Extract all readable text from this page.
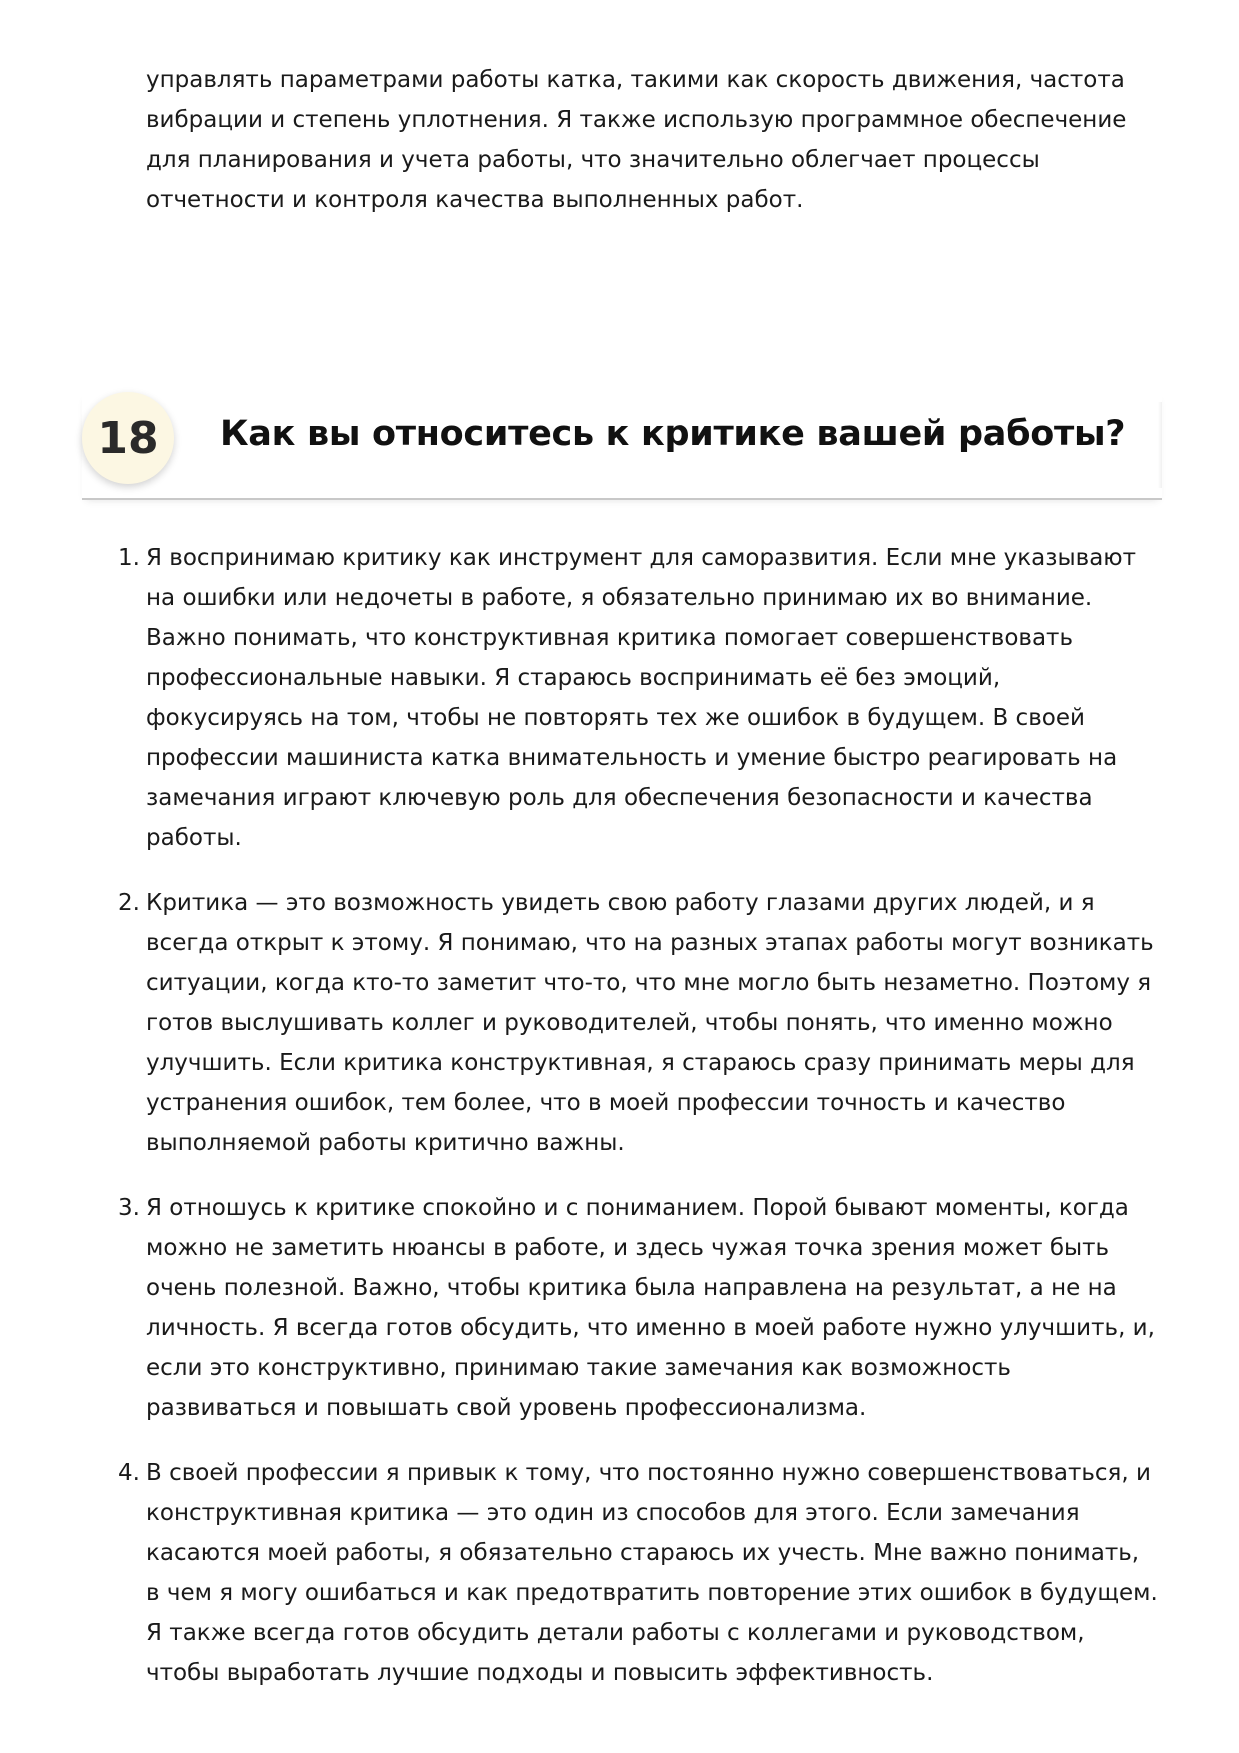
управлять параметрами работы катка, такими как скорость движения, частота вибрации и степень уплотнения. Я также использую программное обеспечение для планирования и учета работы, что значительно облегчает процессы отчетности и контроля качества выполненных работ.

18	Как вы относитесь к критике вашей работы?
1. Я воспринимаю критику как инструмент для саморазвития. Если мне указывают на ошибки или недочеты в работе, я обязательно принимаю их во внимание. Важно понимать, что конструктивная критика помогает совершенствовать профессиональные навыки. Я стараюсь воспринимать её без эмоций, фокусируясь на том, чтобы не повторять тех же ошибок в будущем. В своей профессии машиниста катка внимательность и умение быстро реагировать на замечания играют ключевую роль для обеспечения безопасности и качества работы.
2. Критика — это возможность увидеть свою работу глазами других людей, и я всегда открыт к этому. Я понимаю, что на разных этапах работы могут возникать ситуации, когда кто-то заметит что-то, что мне могло быть незаметно. Поэтому я готов выслушивать коллег и руководителей, чтобы понять, что именно можно улучшить. Если критика конструктивная, я стараюсь сразу принимать меры для устранения ошибок, тем более, что в моей профессии точность и качество выполняемой работы критично важны.
3. Я отношусь к критике спокойно и с пониманием. Порой бывают моменты, когда можно не заметить нюансы в работе, и здесь чужая точка зрения может быть очень полезной. Важно, чтобы критика была направлена на результат, а не на личность. Я всегда готов обсудить, что именно в моей работе нужно улучшить, и, если это конструктивно, принимаю такие замечания как возможность развиваться и повышать свой уровень профессионализма.
4. В своей профессии я привык к тому, что постоянно нужно совершенствоваться, и конструктивная критика — это один из способов для этого. Если замечания касаются моей работы, я обязательно стараюсь их учесть. Мне важно понимать, в чем я могу ошибаться и как предотвратить повторение этих ошибок в будущем. Я также всегда готов обсудить детали работы с коллегами и руководством, чтобы выработать лучшие подходы и повысить эффективность.
